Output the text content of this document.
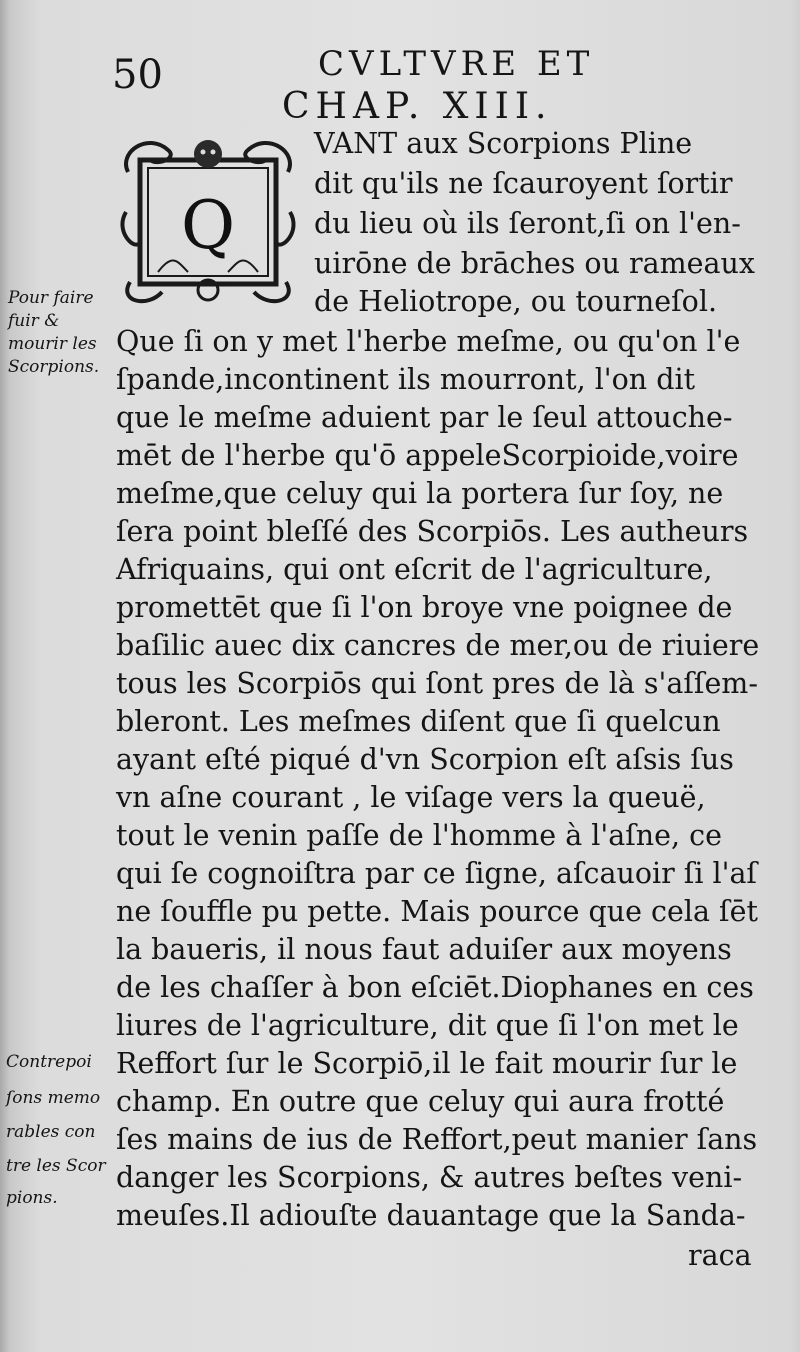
50	CVLTVRE ET
CHAP. XIII.
Q
VANT aux Scorpions Pline
dit qu'ils ne ſcauroyent ſortir
du lieu où ils ſeront,ſi on l'en-
uirōne de brāches ou rameaux
de Heliotrope, ou tourneſol.
Que ſi on y met l'herbe meſme, ou qu'on l'e
ſpande,incontinent ils mourront, l'on dit
que le meſme aduient par le ſeul attouche-
mēt de l'herbe qu'ō appeleScorpioide,voire
meſme,que celuy qui la portera ſur ſoy, ne
ſera point bleſſé des Scorpiōs. Les autheurs
Afriquains, qui ont eſcrit de l'agriculture,
promettēt que ſi l'on broye vne poignee de
baſilic auec dix cancres de mer,ou de riuiere
tous les Scorpiōs qui ſont pres de là s'aſſem-
bleront. Les meſmes diſent que ſi quelcun
ayant eſté piqué d'vn Scorpion eſt aſsis ſus
vn aſne courant , le viſage vers la queuë,
tout le venin paſſe de l'homme à l'aſne, ce
qui ſe cognoiſtra par ce ſigne, aſcauoir ſi l'aſ
ne ſouffle pu pette. Mais pource que cela ſēt
la baueris, il nous faut aduiſer aux moyens
de les chaſſer à bon eſciēt.Diophanes en ces
liures de l'agriculture, dit que ſi l'on met le
Reffort ſur le Scorpiō,il le fait mourir ſur le
champ. En outre que celuy qui aura frotté
ſes mains de ius de Reffort,peut manier ſans
danger les Scorpions, & autres beſtes veni-
meuſes.Il adiouſte dauantage que la Sanda-
raca
Pour faire
fuir &
mourir les
Scorpions.
Contrepoi
ſons memo
rables con
tre les Scor
pions.
